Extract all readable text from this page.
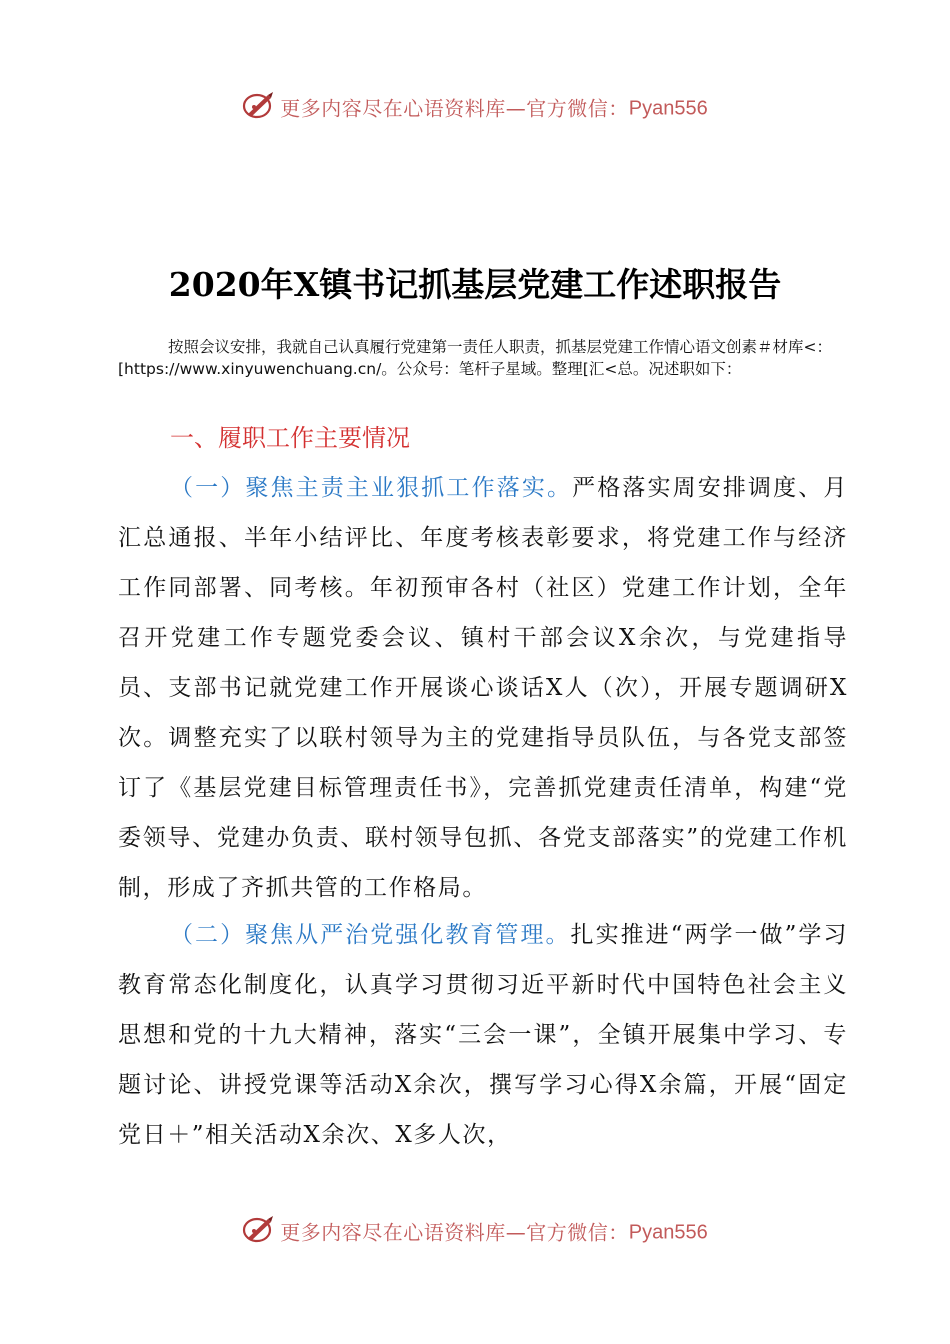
更多内容尽在心语资料库—官方微信：Pyan556
2020年X镇书记抓基层党建工作述职报告
按照会议安排，我就自己认真履行党建第一责任人职责，抓基层党建工作情心语文创素＃材库<：[https://www.xinyuwenchuang.cn/。公众号：笔杆子星域。整理[汇<总。况述职如下：
一、履职工作主要情况
（一）聚焦主责主业狠抓工作落实。严格落实周安排调度、月汇总通报、半年小结评比、年度考核表彰要求，将党建工作与经济工作同部署、同考核。年初预审各村（社区）党建工作计划，全年召开党建工作专题党委会议、镇村干部会议X余次，与党建指导员、支部书记就党建工作开展谈心谈话X人（次），开展专题调研X次。调整充实了以联村领导为主的党建指导员队伍，与各党支部签订了《基层党建目标管理责任书》，完善抓党建责任清单，构建“党委领导、党建办负责、联村领导包抓、各党支部落实”的党建工作机制，形成了齐抓共管的工作格局。
（二）聚焦从严治党强化教育管理。扎实推进“两学一做”学习教育常态化制度化，认真学习贯彻习近平新时代中国特色社会主义思想和党的十九大精神，落实“三会一课”，全镇开展集中学习、专题讨论、讲授党课等活动X余次，撰写学习心得X余篇，开展“固定党日＋”相关活动X余次、X多人次，
更多内容尽在心语资料库—官方微信：Pyan556
